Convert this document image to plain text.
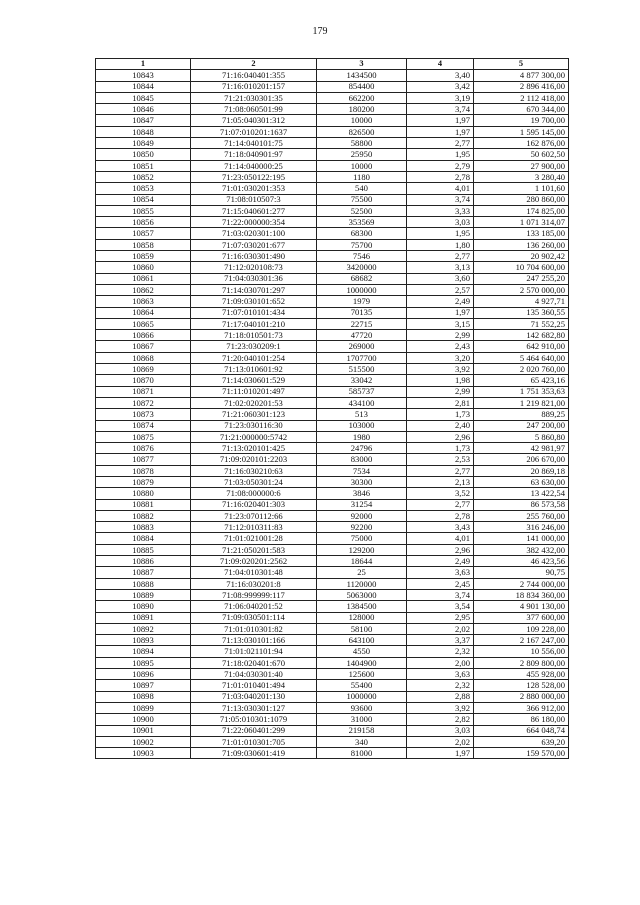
179
1	2	3	4	5
10843	71:16:040401:355	1434500	3,40	4 877 300,00
10844	71:16:010201:157	854400	3,42	2 896 416,00
10845	71:21:030301:35	662200	3,19	2 112 418,00
10846	71:08:060501:99	180200	3,74	670 344,00
10847	71:05:040301:312	10000	1,97	19 700,00
10848	71:07:010201:1637	826500	1,97	1 595 145,00
10849	71:14:040101:75	58800	2,77	162 876,00
10850	71:18:040901:97	25950	1,95	50 602,50
10851	71:14:040000:25	10000	2,79	27 900,00
10852	71:23:050122:195	1180	2,78	3 280,40
10853	71:01:030201:353	540	4,01	1 101,60
10854	71:08:010507:3	75500	3,74	280 860,00
10855	71:15:040601:277	52500	3,33	174 825,00
10856	71:22:000000:354	353569	3,03	1 071 314,07
10857	71:03:020301:100	68300	1,95	133 185,00
10858	71:07:030201:677	75700	1,80	136 260,00
10859	71:16:030301:490	7546	2,77	20 902,42
10860	71:12:020108:73	3420000	3,13	10 704 600,00
10861	71:04:030301:36	68682	3,60	247 255,20
10862	71:14:030701:297	1000000	2,57	2 570 000,00
10863	71:09:030101:652	1979	2,49	4 927,71
10864	71:07:010101:434	70135	1,97	135 360,55
10865	71:17:040101:210	22715	3,15	71 552,25
10866	71:18:010501:73	47720	2,99	142 682,80
10867	71:23:030209:1	269000	2,43	642 910,00
10868	71:20:040101:254	1707700	3,20	5 464 640,00
10869	71:13:010601:92	515500	3,92	2 020 760,00
10870	71:14:030601:529	33042	1,98	65 423,16
10871	71:11:010201:497	585737	2,99	1 751 353,63
10872	71:02:020201:53	434100	2,81	1 219 821,00
10873	71:21:060301:123	513	1,73	889,25
10874	71:23:030116:30	103000	2,40	247 200,00
10875	71:21:000000:5742	1980	2,96	5 860,80
10876	71:13:020101:425	24796	1,73	42 981,97
10877	71:09:020101:2203	83000	2,53	206 670,00
10878	71:16:030210:63	7534	2,77	20 869,18
10879	71:03:050301:24	30300	2,13	63 630,00
10880	71:08:000000:6	3846	3,52	13 422,54
10881	71:16:020401:303	31254	2,77	86 573,58
10882	71:23:070112:66	92000	2,78	255 760,00
10883	71:12:010311:83	92200	3,43	316 246,00
10884	71:01:021001:28	75000	4,01	141 000,00
10885	71:21:050201:583	129200	2,96	382 432,00
10886	71:09:020201:2562	18644	2,49	46 423,56
10887	71:04:010301:48	25	3,63	90,75
10888	71:16:030201:8	1120000	2,45	2 744 000,00
10889	71:08:999999:117	5063000	3,74	18 834 360,00
10890	71:06:040201:52	1384500	3,54	4 901 130,00
10891	71:09:030501:114	128000	2,95	377 600,00
10892	71:01:010301:82	58100	2,02	109 228,00
10893	71:13:030101:166	643100	3,37	2 167 247,00
10894	71:01:021101:94	4550	2,32	10 556,00
10895	71:18:020401:670	1404900	2,00	2 809 800,00
10896	71:04:030301:40	125600	3,63	455 928,00
10897	71:01:010401:494	55400	2,32	128 528,00
10898	71:03:040201:130	1000000	2,88	2 880 000,00
10899	71:13:030301:127	93600	3,92	366 912,00
10900	71:05:010301:1079	31000	2,82	86 180,00
10901	71:22:060401:299	219158	3,03	664 048,74
10902	71:01:010301:705	340	2,02	639,20
10903	71:09:030601:419	81000	1,97	159 570,00
